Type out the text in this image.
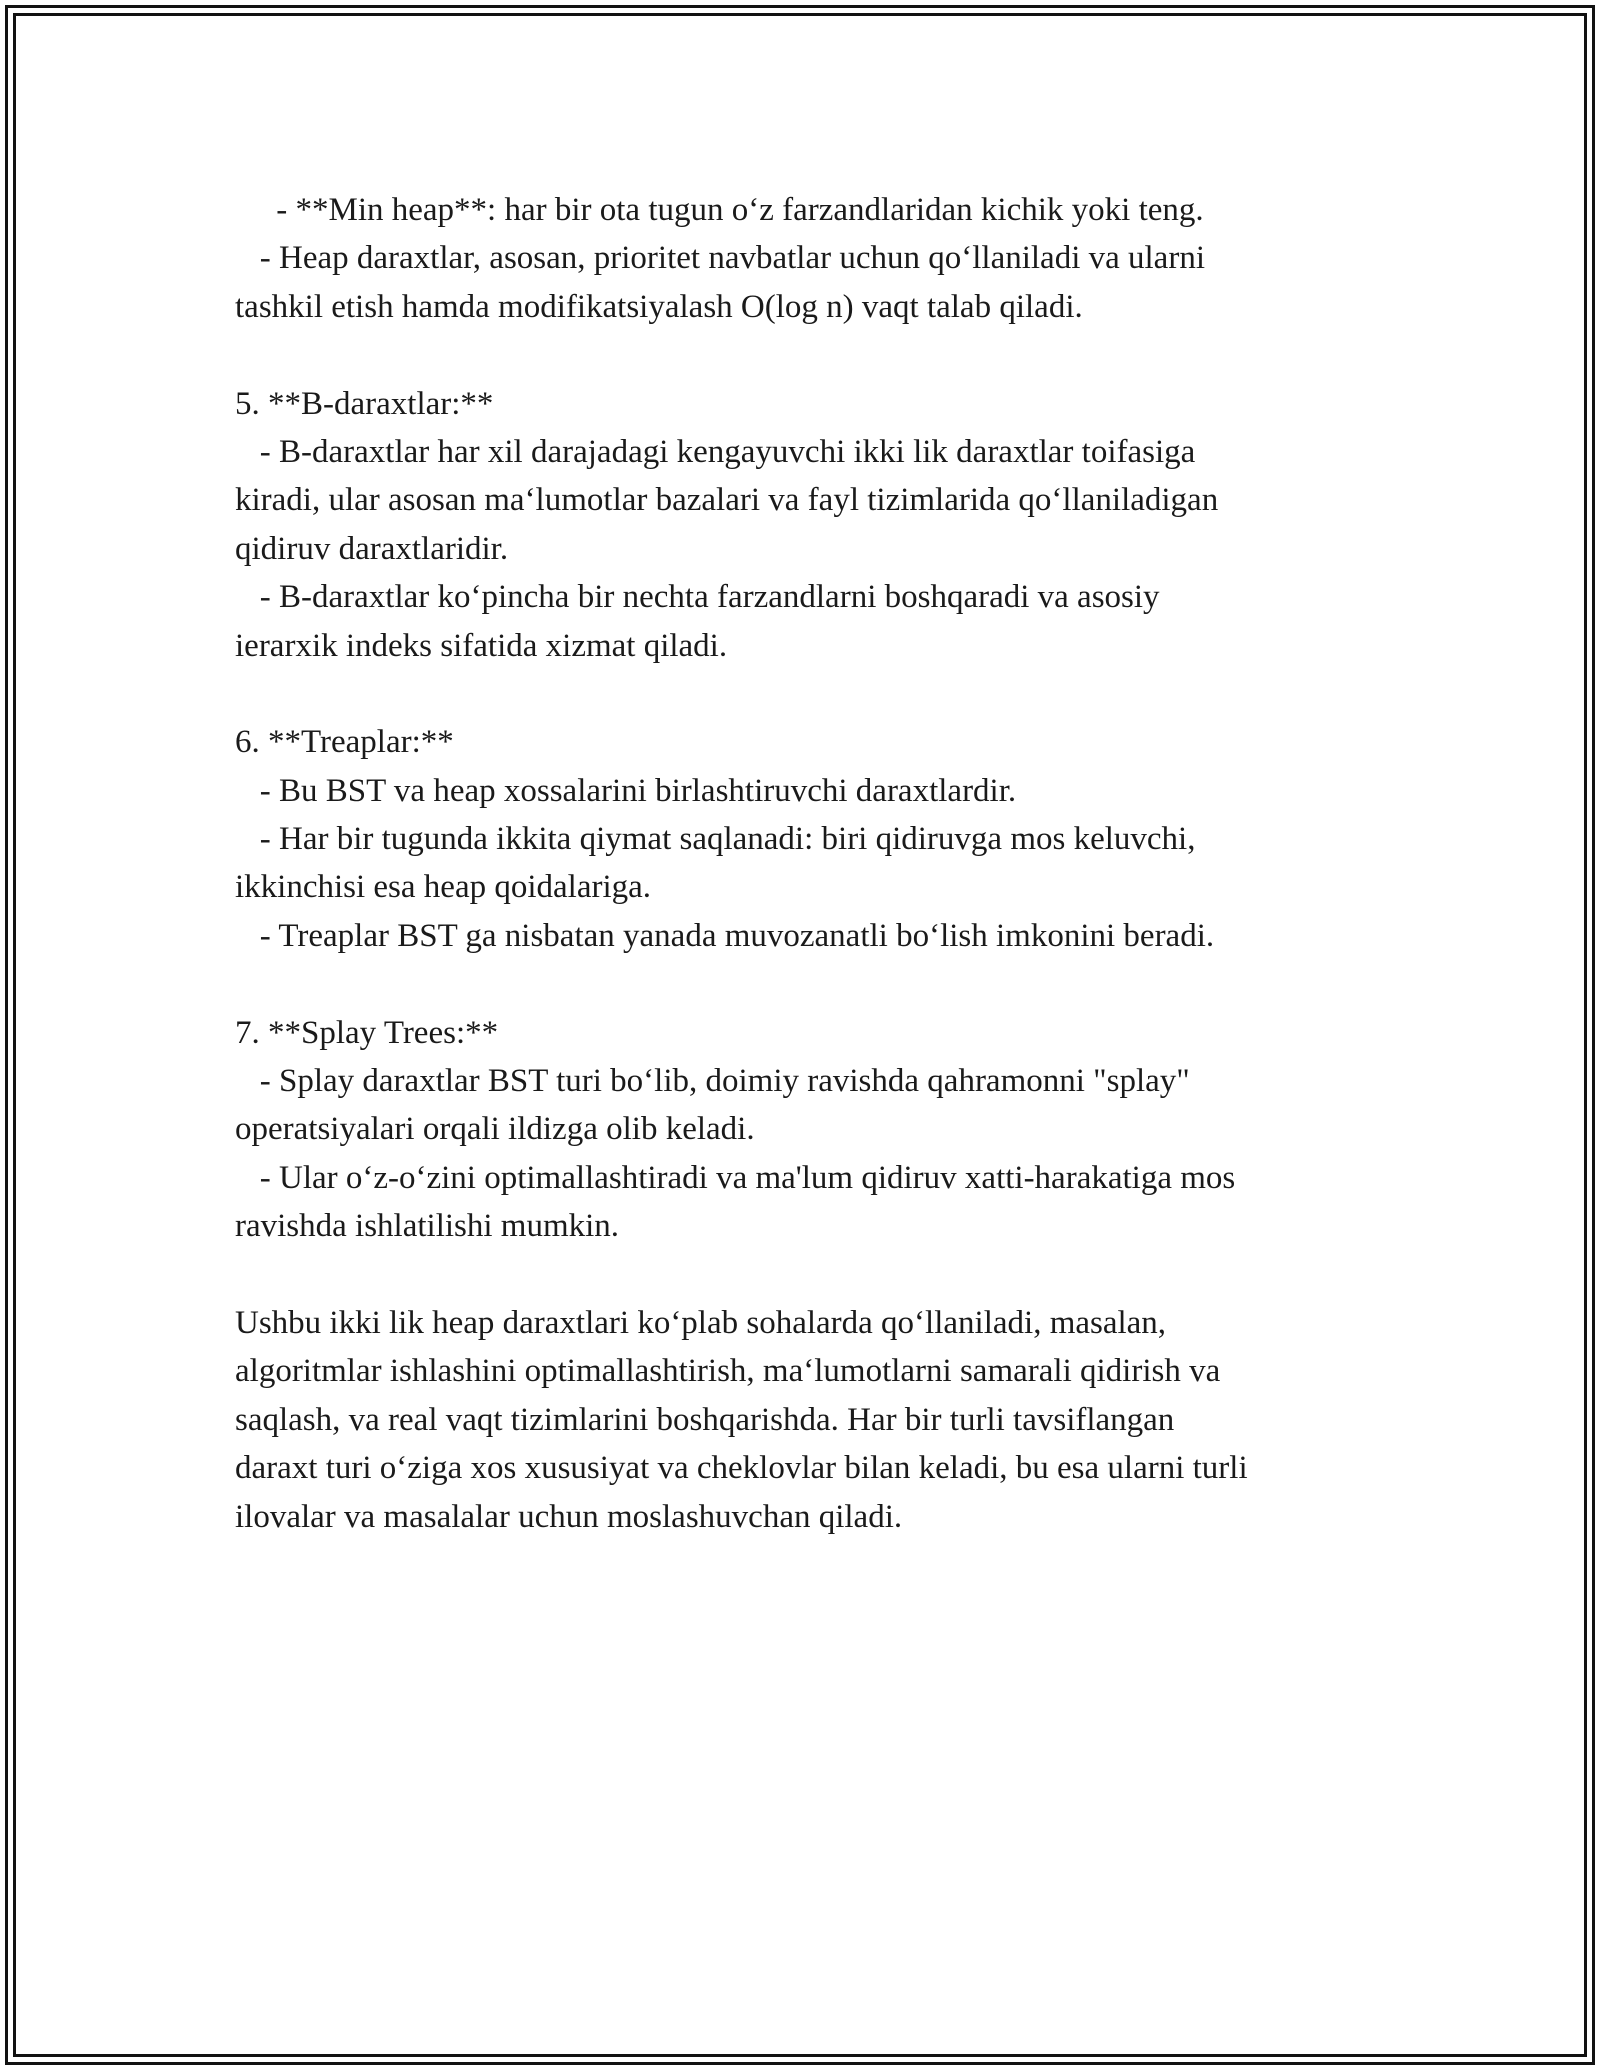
- **Min heap**: har bir ota tugun o‘z farzandlaridan kichik yoki teng.
- Heap daraxtlar, asosan, prioritet navbatlar uchun qo‘llaniladi va ularni
tashkil etish hamda modifikatsiyalash O(log n) vaqt talab qiladi.
5. **B-daraxtlar:**
- B-daraxtlar har xil darajadagi kengayuvchi ikki lik daraxtlar toifasiga
kiradi, ular asosan ma‘lumotlar bazalari va fayl tizimlarida qo‘llaniladigan
qidiruv daraxtlaridir.
- B-daraxtlar ko‘pincha bir nechta farzandlarni boshqaradi va asosiy
ierarxik indeks sifatida xizmat qiladi.
6. **Treaplar:**
- Bu BST va heap xossalarini birlashtiruvchi daraxtlardir.
- Har bir tugunda ikkita qiymat saqlanadi: biri qidiruvga mos keluvchi,
ikkinchisi esa heap qoidalariga.
- Treaplar BST ga nisbatan yanada muvozanatli bo‘lish imkonini beradi.
7. **Splay Trees:**
- Splay daraxtlar BST turi bo‘lib, doimiy ravishda qahramonni "splay"
operatsiyalari orqali ildizga olib keladi.
- Ular o‘z-o‘zini optimallashtiradi va ma'lum qidiruv xatti-harakatiga mos
ravishda ishlatilishi mumkin.
Ushbu ikki lik heap daraxtlari ko‘plab sohalarda qo‘llaniladi, masalan,
algoritmlar ishlashini optimallashtirish, ma‘lumotlarni samarali qidirish va
saqlash, va real vaqt tizimlarini boshqarishda. Har bir turli tavsiflangan
daraxt turi o‘ziga xos xususiyat va cheklovlar bilan keladi, bu esa ularni turli
ilovalar va masalalar uchun moslashuvchan qiladi.
